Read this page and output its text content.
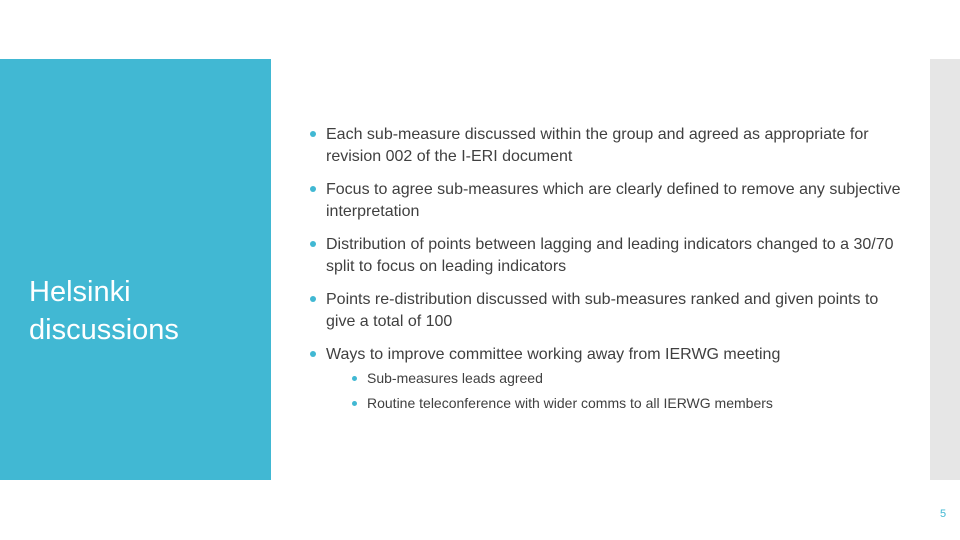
Helsinki discussions
Each sub-measure discussed within the group and agreed as appropriate for revision 002 of the I-ERI document
Focus to agree sub-measures which are clearly defined to remove any subjective interpretation
Distribution of points between lagging and leading indicators changed to a 30/70 split to focus on leading indicators
Points re-distribution discussed with sub-measures ranked and given points to give a total of 100
Ways to improve committee working away from IERWG meeting
Sub-measures leads agreed
Routine teleconference with wider comms to all IERWG members
5
